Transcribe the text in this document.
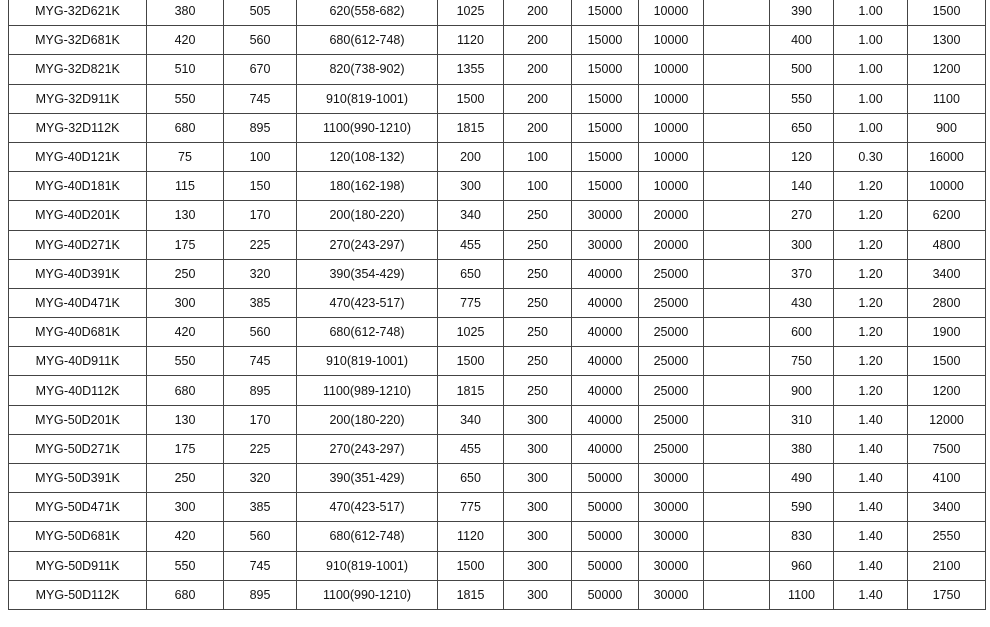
MYG-32D621K	380	505	620(558-682)	1025	200	15000	10000		390	1.00	1500
MYG-32D681K	420	560	680(612-748)	1120	200	15000	10000		400	1.00	1300
MYG-32D821K	510	670	820(738-902)	1355	200	15000	10000		500	1.00	1200
MYG-32D911K	550	745	910(819-1001)	1500	200	15000	10000		550	1.00	1100
MYG-32D112K	680	895	1100(990-1210)	1815	200	15000	10000		650	1.00	900
MYG-40D121K	75	100	120(108-132)	200	100	15000	10000		120	0.30	16000
MYG-40D181K	115	150	180(162-198)	300	100	15000	10000		140	1.20	10000
MYG-40D201K	130	170	200(180-220)	340	250	30000	20000		270	1.20	6200
MYG-40D271K	175	225	270(243-297)	455	250	30000	20000		300	1.20	4800
MYG-40D391K	250	320	390(354-429)	650	250	40000	25000		370	1.20	3400
MYG-40D471K	300	385	470(423-517)	775	250	40000	25000		430	1.20	2800
MYG-40D681K	420	560	680(612-748)	1025	250	40000	25000		600	1.20	1900
MYG-40D911K	550	745	910(819-1001)	1500	250	40000	25000		750	1.20	1500
MYG-40D112K	680	895	1100(989-1210)	1815	250	40000	25000		900	1.20	1200
MYG-50D201K	130	170	200(180-220)	340	300	40000	25000		310	1.40	12000
MYG-50D271K	175	225	270(243-297)	455	300	40000	25000		380	1.40	7500
MYG-50D391K	250	320	390(351-429)	650	300	50000	30000		490	1.40	4100
MYG-50D471K	300	385	470(423-517)	775	300	50000	30000		590	1.40	3400
MYG-50D681K	420	560	680(612-748)	1120	300	50000	30000		830	1.40	2550
MYG-50D911K	550	745	910(819-1001)	1500	300	50000	30000		960	1.40	2100
MYG-50D112K	680	895	1100(990-1210)	1815	300	50000	30000		1100	1.40	1750
